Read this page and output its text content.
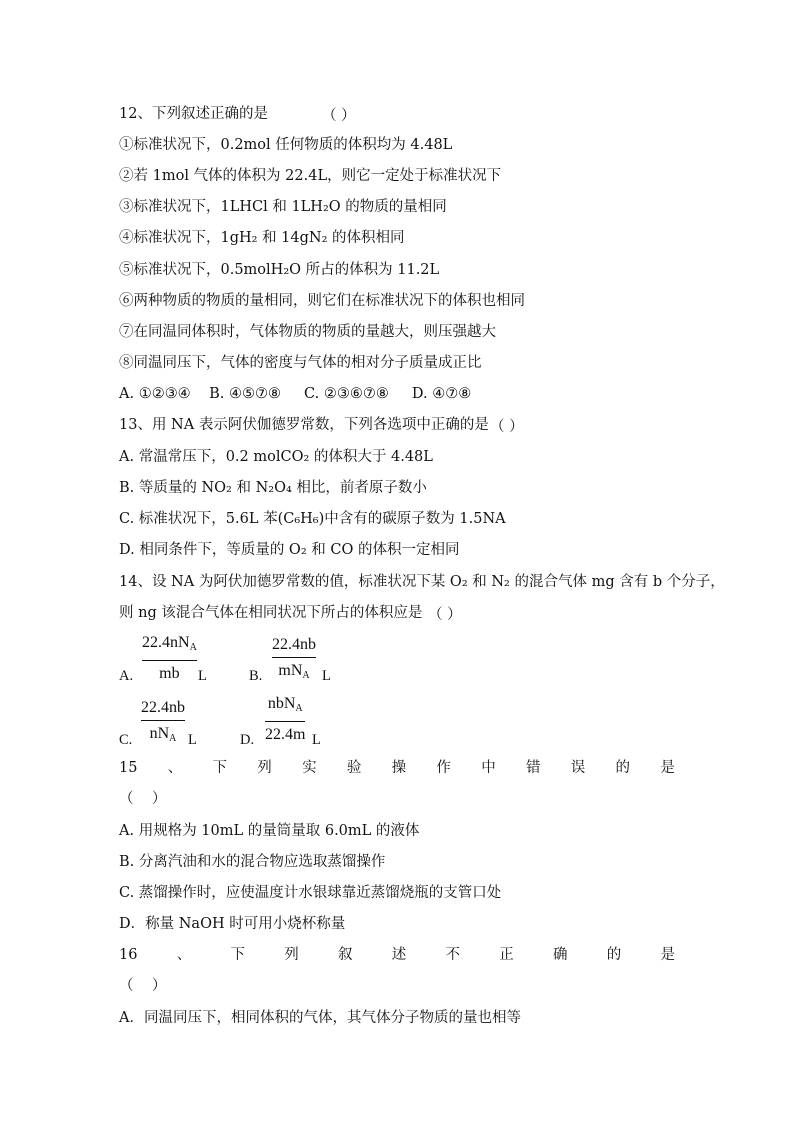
12、下列叙述正确的是	（ ）
①标准状况下，0.2mol 任何物质的体积均为 4.48L
②若 1mol 气体的体积为 22.4L，则它一定处于标准状况下
③标准状况下，1LHCl 和 1LH₂O 的物质的量相同
④标准状况下，1gH₂ 和 14gN₂ 的体积相同
⑤标准状况下，0.5molH₂O 所占的体积为 11.2L
⑥两种物质的物质的量相同，则它们在标准状况下的体积也相同
⑦在同温同体积时，气体物质的物质的量越大，则压强越大
⑧同温同压下，气体的密度与气体的相对分子质量成正比
A. ①②③④    B. ④⑤⑦⑧     C. ②③⑥⑦⑧     D. ④⑦⑧
13、用 NA 表示阿伏伽德罗常数，下列各选项中正确的是 （ ）
A. 常温常压下，0.2 molCO₂ 的体积大于 4.48L
B. 等质量的 NO₂ 和 N₂O₄ 相比，前者原子数小
C. 标准状况下，5.6L 苯(C₆H₆)中含有的碳原子数为 1.5NA
D. 相同条件下，等质量的 O₂ 和 CO 的体积一定相同
14、设 NA 为阿伏加德罗常数的值，标准状况下某 O₂ 和 N₂ 的混合气体 mg 含有 b 个分子，
则 ng 该混合气体在相同状况下所占的体积应是 （ ）
A.
$22.4nN_A$
mb	L	B.
22.4nb
$mN_A$ L
C.
22.4nb
$nN_A$ L	D.
nbN$_A$
22.4m L
15 、 下 列 实 验 操 作 中 错 误 的 是
（    ）
A. 用规格为 10mL 的量筒量取 6.0mL 的液体
B. 分离汽油和水的混合物应选取蒸馏操作
C. 蒸馏操作时，应使温度计水银球靠近蒸馏烧瓶的支管口处
D．称量 NaOH 时可用小烧杯称量
16	、	下	列	叙	述	不	正	确	的	是
（    ）
A．同温同压下，相同体积的气体，其气体分子物质的量也相等
